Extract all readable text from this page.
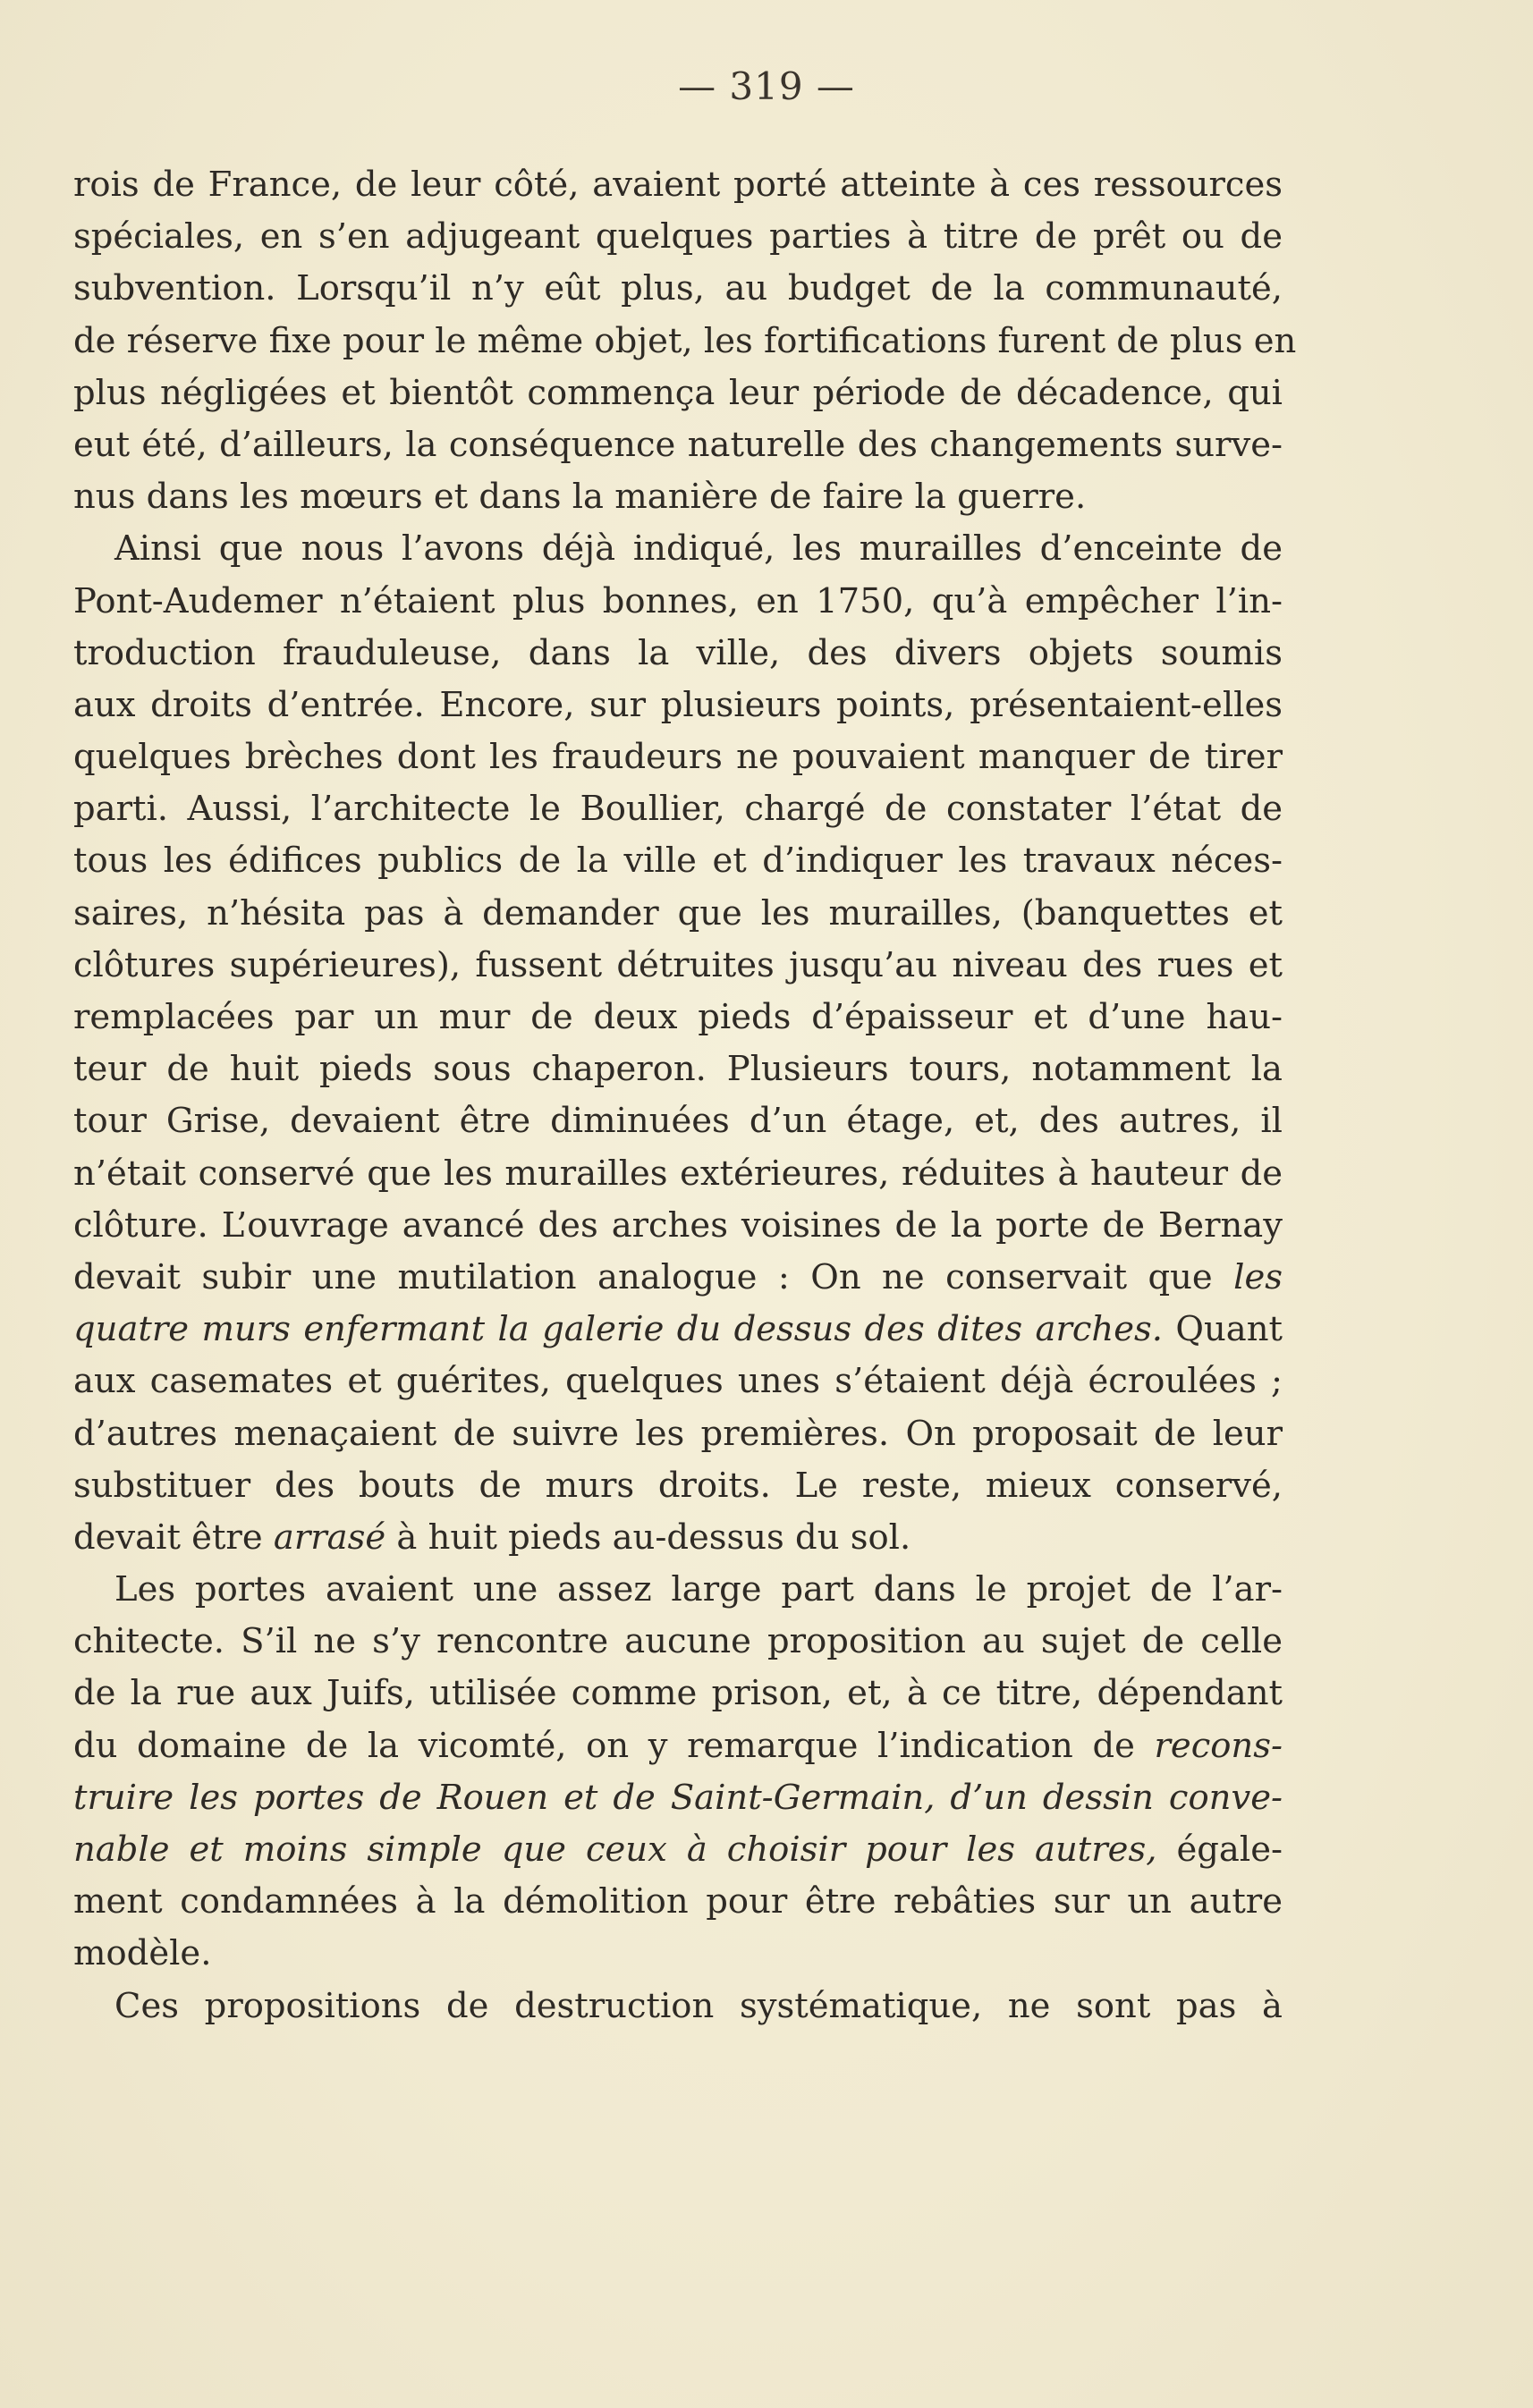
— 319 —
rois de France, de leur côté, avaient porté atteinte à ces ressources
spéciales, en s’en adjugeant quelques parties à titre de prêt ou de
subvention. Lorsqu’il n’y eût plus, au budget de la communauté,
de réserve fixe pour le même objet, les fortifications furent de plus en
plus négligées et bientôt commença leur période de décadence, qui
eut été, d’ailleurs, la conséquence naturelle des changements surve-
nus dans les mœurs et dans la manière de faire la guerre.
Ainsi que nous l’avons déjà indiqué, les murailles d’enceinte de
Pont-Audemer n’étaient plus bonnes, en 1750, qu’à empêcher l’in-
troduction frauduleuse, dans la ville, des divers objets soumis
aux droits d’entrée. Encore, sur plusieurs points, présentaient-elles
quelques brèches dont les fraudeurs ne pouvaient manquer de tirer
parti. Aussi, l’architecte le Boullier, chargé de constater l’état de
tous les édifices publics de la ville et d’indiquer les travaux néces-
saires, n’hésita pas à demander que les murailles, (banquettes et
clôtures supérieures), fussent détruites jusqu’au niveau des rues et
remplacées par un mur de deux pieds d’épaisseur et d’une hau-
teur de huit pieds sous chaperon. Plusieurs tours, notamment la
tour Grise, devaient être diminuées d’un étage, et, des autres, il
n’était conservé que les murailles extérieures, réduites à hauteur de
clôture. L’ouvrage avancé des arches voisines de la porte de Bernay
devait subir une mutilation analogue : On ne conservait que les
quatre murs enfermant la galerie du dessus des dites arches. Quant
aux casemates et guérites, quelques unes s’étaient déjà écroulées ;
d’autres menaçaient de suivre les premières. On proposait de leur
substituer des bouts de murs droits. Le reste, mieux conservé,
devait être arrasé à huit pieds au-dessus du sol.
Les portes avaient une assez large part dans le projet de l’ar-
chitecte. S’il ne s’y rencontre aucune proposition au sujet de celle
de la rue aux Juifs, utilisée comme prison, et, à ce titre, dépendant
du domaine de la vicomté, on y remarque l’indication de recons-
truire les portes de Rouen et de Saint-Germain, d’un dessin conve-
nable et moins simple que ceux à choisir pour les autres, égale-
ment condamnées à la démolition pour être rebâties sur un autre
modèle.
Ces propositions de destruction systématique, ne sont pas à
